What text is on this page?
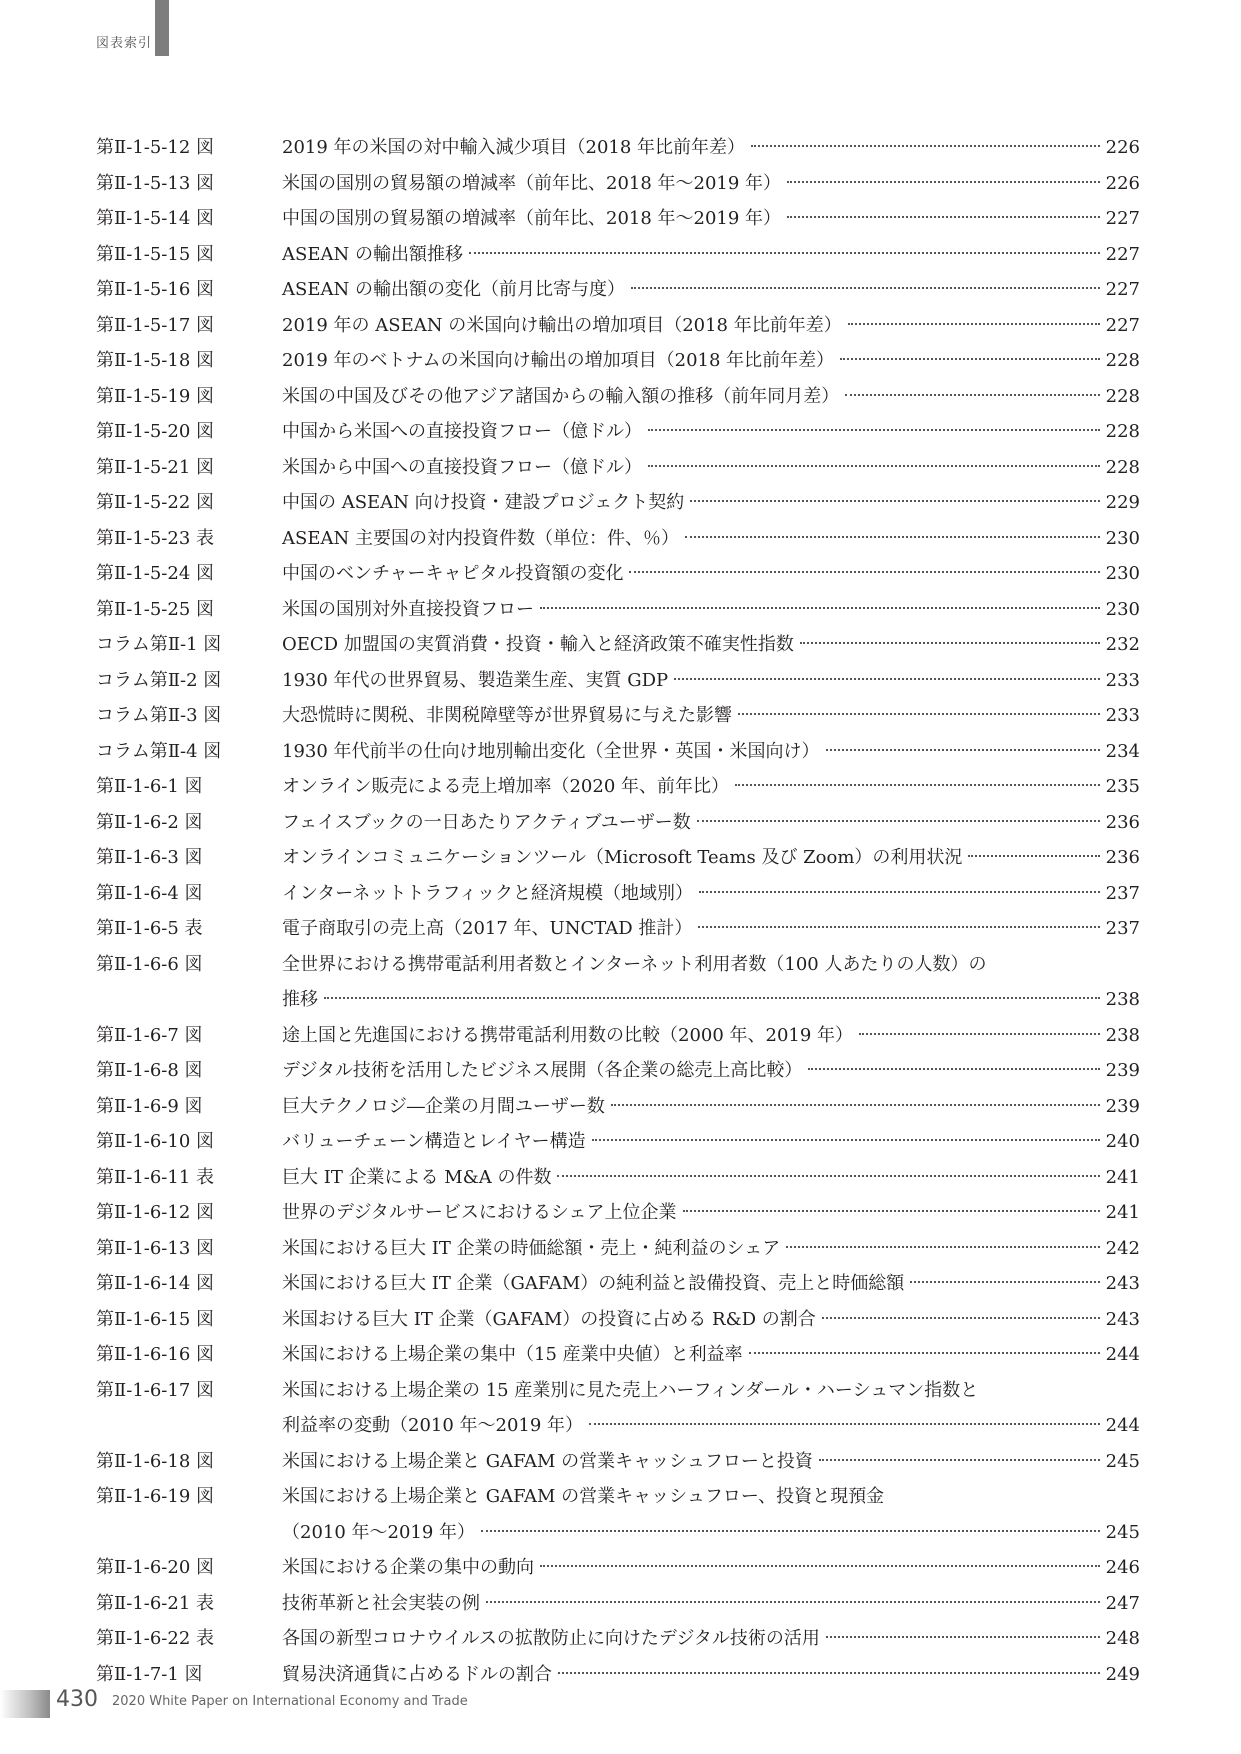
図表索引
第Ⅱ-1-5-12 図	2019 年の米国の対中輸入減少項目（2018 年比前年差）	226
第Ⅱ-1-5-13 図	米国の国別の貿易額の増減率（前年比、2018 年～2019 年）	226
第Ⅱ-1-5-14 図	中国の国別の貿易額の増減率（前年比、2018 年～2019 年）	227
第Ⅱ-1-5-15 図	ASEAN の輸出額推移	227
第Ⅱ-1-5-16 図	ASEAN の輸出額の変化（前月比寄与度）	227
第Ⅱ-1-5-17 図	2019 年の ASEAN の米国向け輸出の増加項目（2018 年比前年差）	227
第Ⅱ-1-5-18 図	2019 年のベトナムの米国向け輸出の増加項目（2018 年比前年差）	228
第Ⅱ-1-5-19 図	米国の中国及びその他アジア諸国からの輸入額の推移（前年同月差）	228
第Ⅱ-1-5-20 図	中国から米国への直接投資フロー（億ドル）	228
第Ⅱ-1-5-21 図	米国から中国への直接投資フロー（億ドル）	228
第Ⅱ-1-5-22 図	中国の ASEAN 向け投資・建設プロジェクト契約	229
第Ⅱ-1-5-23 表	ASEAN 主要国の対内投資件数（単位：件、％）	230
第Ⅱ-1-5-24 図	中国のベンチャーキャピタル投資額の変化	230
第Ⅱ-1-5-25 図	米国の国別対外直接投資フロー	230
コラム第Ⅱ-1 図	OECD 加盟国の実質消費・投資・輸入と経済政策不確実性指数	232
コラム第Ⅱ-2 図	1930 年代の世界貿易、製造業生産、実質 GDP	233
コラム第Ⅱ-3 図	大恐慌時に関税、非関税障壁等が世界貿易に与えた影響	233
コラム第Ⅱ-4 図	1930 年代前半の仕向け地別輸出変化（全世界・英国・米国向け）	234
第Ⅱ-1-6-1 図	オンライン販売による売上増加率（2020 年、前年比）	235
第Ⅱ-1-6-2 図	フェイスブックの一日あたりアクティブユーザー数	236
第Ⅱ-1-6-3 図	オンラインコミュニケーションツール（Microsoft Teams 及び Zoom）の利用状況	236
第Ⅱ-1-6-4 図	インターネットトラフィックと経済規模（地域別）	237
第Ⅱ-1-6-5 表	電子商取引の売上高（2017 年、UNCTAD 推計）	237
第Ⅱ-1-6-6 図	全世界における携帯電話利用者数とインターネット利用者数（100 人あたりの人数）の
推移	238
第Ⅱ-1-6-7 図	途上国と先進国における携帯電話利用数の比較（2000 年、2019 年）	238
第Ⅱ-1-6-8 図	デジタル技術を活用したビジネス展開（各企業の総売上高比較）	239
第Ⅱ-1-6-9 図	巨大テクノロジ―企業の月間ユーザー数	239
第Ⅱ-1-6-10 図	バリューチェーン構造とレイヤー構造	240
第Ⅱ-1-6-11 表	巨大 IT 企業による M&A の件数	241
第Ⅱ-1-6-12 図	世界のデジタルサービスにおけるシェア上位企業	241
第Ⅱ-1-6-13 図	米国における巨大 IT 企業の時価総額・売上・純利益のシェア	242
第Ⅱ-1-6-14 図	米国における巨大 IT 企業（GAFAM）の純利益と設備投資、売上と時価総額	243
第Ⅱ-1-6-15 図	米国おける巨大 IT 企業（GAFAM）の投資に占める R&D の割合	243
第Ⅱ-1-6-16 図	米国における上場企業の集中（15 産業中央値）と利益率	244
第Ⅱ-1-6-17 図	米国における上場企業の 15 産業別に見た売上ハーフィンダール・ハーシュマン指数と
利益率の変動（2010 年～2019 年）	244
第Ⅱ-1-6-18 図	米国における上場企業と GAFAM の営業キャッシュフローと投資	245
第Ⅱ-1-6-19 図	米国における上場企業と GAFAM の営業キャッシュフロー、投資と現預金
（2010 年～2019 年）	245
第Ⅱ-1-6-20 図	米国における企業の集中の動向	246
第Ⅱ-1-6-21 表	技術革新と社会実装の例	247
第Ⅱ-1-6-22 表	各国の新型コロナウイルスの拡散防止に向けたデジタル技術の活用	248
第Ⅱ-1-7-1 図	貿易決済通貨に占めるドルの割合	249
430 2020 White Paper on International Economy and Trade
